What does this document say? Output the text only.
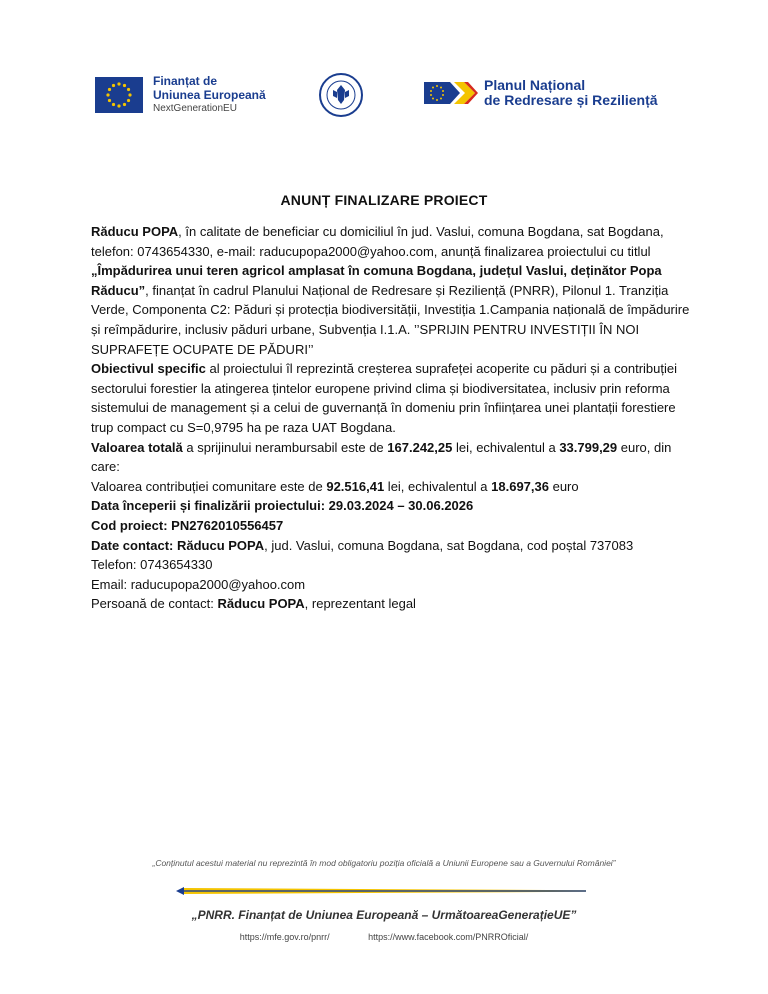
Finanțat de
Uniunea Europeană
NextGenerationEU
Planul Național
de Redresare și Reziliență
ANUNȚ FINALIZARE PROIECT

Răducu POPA, în calitate de beneficiar cu domiciliul în jud. Vaslui, comuna Bogdana, sat Bogdana, telefon: 0743654330, e-mail: raducupopa2000@yahoo.com, anunță finalizarea proiectului cu titlul „Împădurirea unui teren agricol amplasat în comuna Bogdana, județul Vaslui, deținător Popa Răducu”, finanțat în cadrul Planului Național de Redresare și Reziliență (PNRR), Pilonul 1. Tranziția Verde, Componenta C2: Păduri și protecția biodiversității, Investiția 1.Campania națională de împădurire și reîmpădurire, inclusiv păduri urbane, Subvenția I.1.A. ’’SPRIJIN PENTRU INVESTIȚII ÎN NOI SUPRAFEȚE OCUPATE DE PĂDURI’’

Obiectivul specific al proiectului îl reprezintă creșterea suprafeței acoperite cu păduri și a contribuției sectorului forestier la atingerea țintelor europene privind clima și biodiversitatea, inclusiv prin reforma sistemului de management și a celui de guvernanță în domeniu prin înființarea unei plantații forestiere trup compact cu S=0,9795 ha pe raza UAT Bogdana.

Valoarea totală a sprijinului nerambursabil este de 167.242,25 lei, echivalentul a 33.799,29 euro, din care:

Valoarea contribuției comunitare este de 92.516,41 lei, echivalentul a 18.697,36 euro

Data începerii și finalizării proiectului: 29.03.2024 – 30.06.2026

Cod proiect: PN2762010556457

Date contact: Răducu POPA, jud. Vaslui, comuna Bogdana, sat Bogdana, cod poștal 737083

Telefon: 0743654330

Email: raducupopa2000@yahoo.com

Persoană de contact: Răducu POPA, reprezentant legal

„Conținutul acestui material nu reprezintă în mod obligatoriu poziția oficială a Uniunii Europene sau a Guvernului României”
„PNRR. Finanțat de Uniunea Europeană – UrmătoareaGenerațieUE”
https://mfe.gov.ro/pnrr/	https://www.facebook.com/PNRROficial/
